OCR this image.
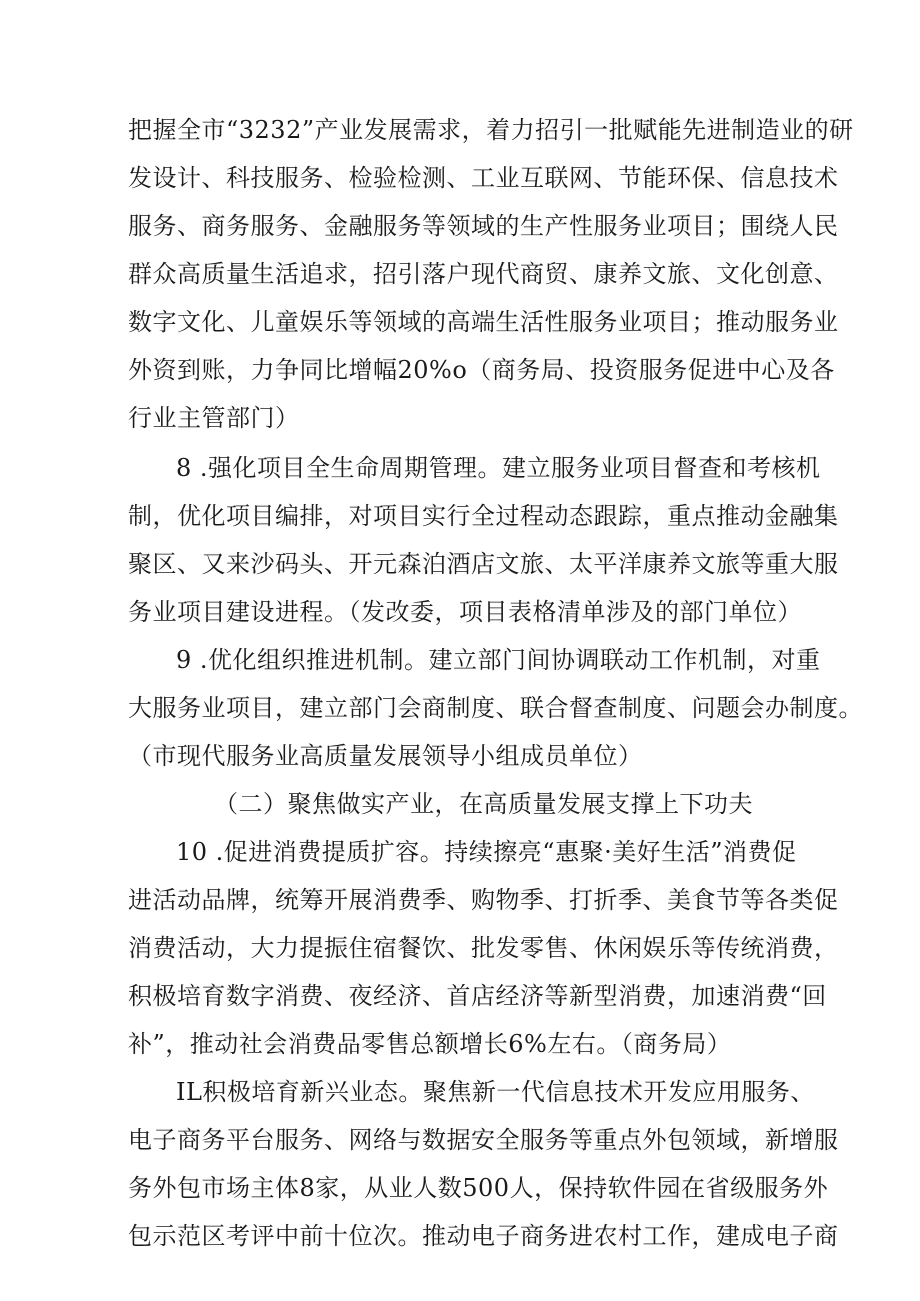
把握全市“3232”产业发展需求，着力招引一批赋能先进制造业的研
发设计、科技服务、检验检测、工业互联网、节能环保、信息技术
服务、商务服务、金融服务等领域的生产性服务业项目；围绕人民
群众高质量生活追求，招引落户现代商贸、康养文旅、文化创意、
数字文化、儿童娱乐等领域的高端生活性服务业项目；推动服务业
外资到账，力争同比增幅20%o（商务局、投资服务促进中心及各
行业主管部门）
8 .强化项目全生命周期管理。建立服务业项目督查和考核机
制，优化项目编排，对项目实行全过程动态跟踪，重点推动金融集
聚区、又来沙码头、开元森泊酒店文旅、太平洋康养文旅等重大服
务业项目建设进程。（发改委，项目表格清单涉及的部门单位）
9 .优化组织推进机制。建立部门间协调联动工作机制，对重
大服务业项目，建立部门会商制度、联合督查制度、问题会办制度。
（市现代服务业高质量发展领导小组成员单位）
（二）聚焦做实产业，在高质量发展支撑上下功夫
10 .促进消费提质扩容。持续擦亮“惠聚·美好生活”消费促
进活动品牌，统筹开展消费季、购物季、打折季、美食节等各类促
消费活动，大力提振住宿餐饮、批发零售、休闲娱乐等传统消费，
积极培育数字消费、夜经济、首店经济等新型消费，加速消费“回
补”，推动社会消费品零售总额增长6%左右。（商务局）
IL积极培育新兴业态。聚焦新一代信息技术开发应用服务、
电子商务平台服务、网络与数据安全服务等重点外包领域，新增服
务外包市场主体8家，从业人数500人，保持软件园在省级服务外
包示范区考评中前十位次。推动电子商务进农村工作，建成电子商
